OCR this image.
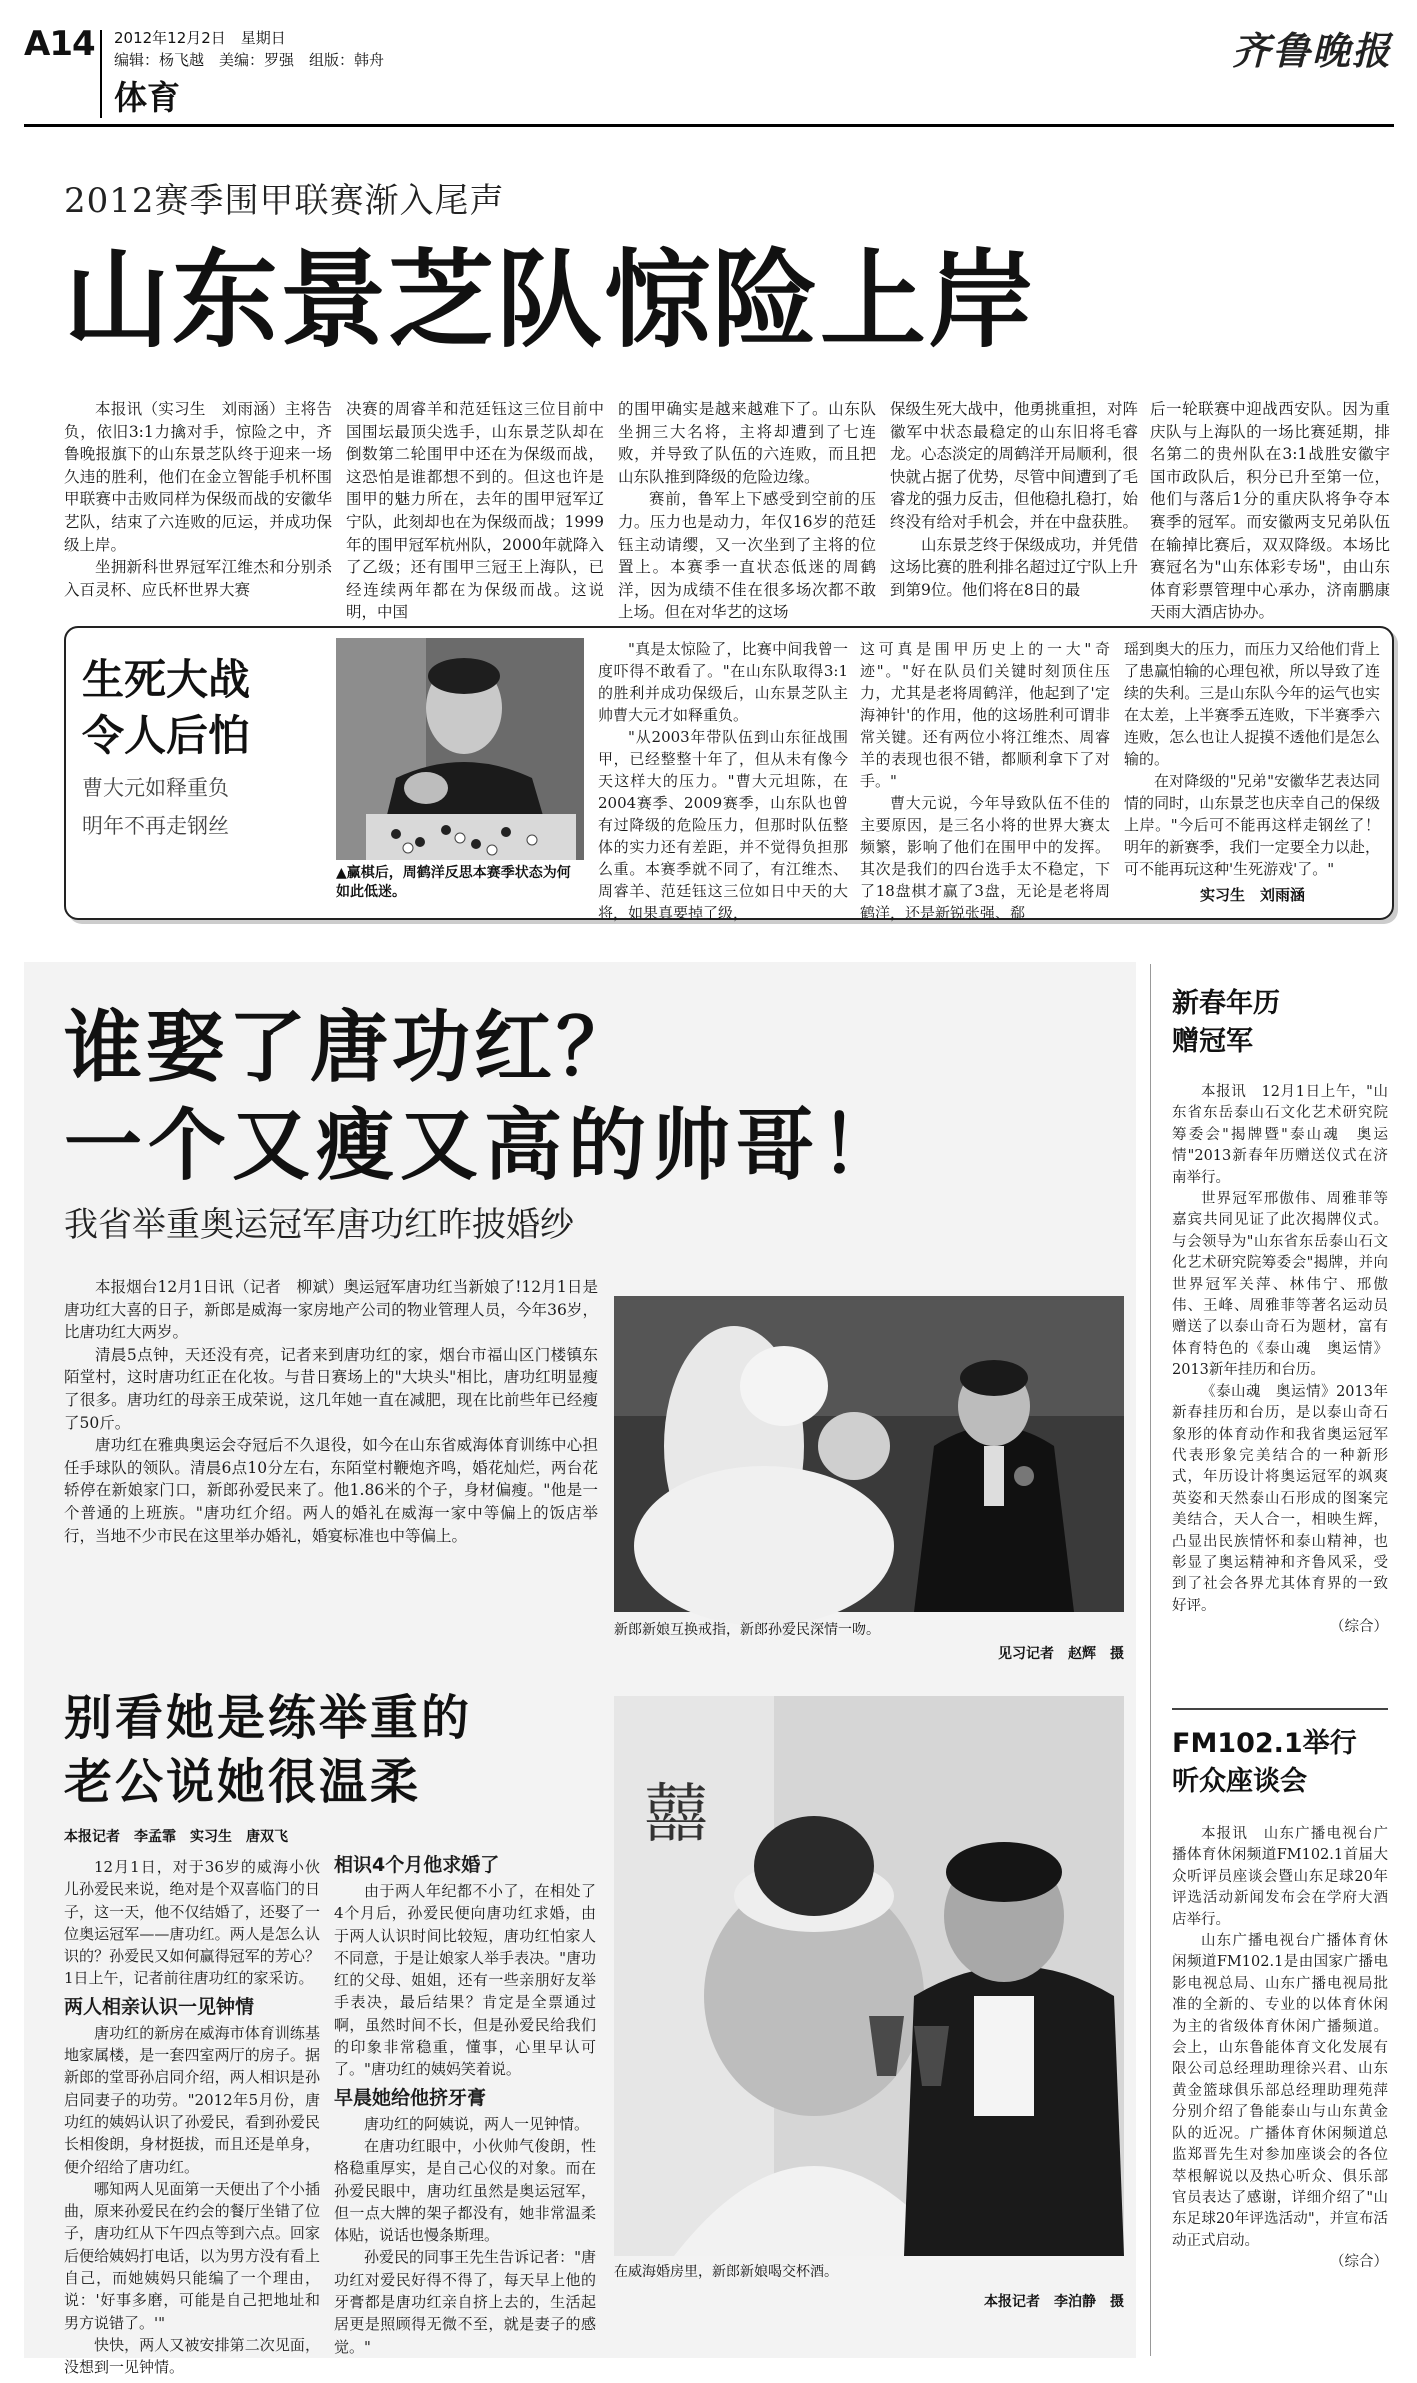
A14 2012年12月2日　星期日
编辑：杨飞越　美编：罗强　组版：韩舟
体育
齐鲁晚报
2012赛季围甲联赛渐入尾声
山东景芝队惊险上岸

本报讯（实习生　刘雨涵）主将告负，依旧3:1力擒对手，惊险之中，齐鲁晚报旗下的山东景芝队终于迎来一场久违的胜利，他们在金立智能手机杯围甲联赛中击败同样为保级而战的安徽华艺队，结束了六连败的厄运，并成功保级上岸。

坐拥新科世界冠军江维杰和分别杀入百灵杯、应氏杯世界大赛

决赛的周睿羊和范廷钰这三位目前中国围坛最顶尖选手，山东景芝队却在倒数第二轮围甲中还在为保级而战，这恐怕是谁都想不到的。但这也许是围甲的魅力所在，去年的围甲冠军辽宁队，此刻却也在为保级而战；1999年的围甲冠军杭州队，2000年就降入了乙级；还有围甲三冠王上海队，已经连续两年都在为保级而战。这说明，中国

的围甲确实是越来越难下了。山东队坐拥三大名将，主将却遭到了七连败，并导致了队伍的六连败，而且把山东队推到降级的危险边缘。

赛前，鲁军上下感受到空前的压力。压力也是动力，年仅16岁的范廷钰主动请缨，又一次坐到了主将的位置上。本赛季一直状态低迷的周鹤洋，因为成绩不佳在很多场次都不敢上场。但在对华艺的这场

保级生死大战中，他勇挑重担，对阵徽军中状态最稳定的山东旧将毛睿龙。心态淡定的周鹤洋开局顺利，很快就占据了优势，尽管中间遭到了毛睿龙的强力反击，但他稳扎稳打，始终没有给对手机会，并在中盘获胜。

山东景芝终于保级成功，并凭借这场比赛的胜利排名超过辽宁队上升到第9位。他们将在8日的最

后一轮联赛中迎战西安队。因为重庆队与上海队的一场比赛延期，排名第二的贵州队在3:1战胜安徽宇国市政队后，积分已升至第一位，他们与落后1分的重庆队将争夺本赛季的冠军。而安徽两支兄弟队伍在输掉比赛后，双双降级。本场比赛冠名为"山东体彩专场"，由山东体育彩票管理中心承办，济南鹏康天雨大酒店协办。

生死大战
令人后怕
曹大元如释重负
明年不再走钢丝
▲赢棋后，周鹤洋反思本赛季状态为何如此低迷。

"真是太惊险了，比赛中间我曾一度吓得不敢看了。"在山东队取得3:1的胜利并成功保级后，山东景芝队主帅曹大元才如释重负。

"从2003年带队伍到山东征战围甲，已经整整十年了，但从未有像今天这样大的压力。"曹大元坦陈，在2004赛季、2009赛季，山东队也曾有过降级的危险压力，但那时队伍整体的实力还有差距，并不觉得负担那么重。本赛季就不同了，有江维杰、周睿羊、范廷钰这三位如日中天的大将，如果真要掉了级，

这可真是围甲历史上的一大"奇迹"。"好在队员们关键时刻顶住压力，尤其是老将周鹤洋，他起到了'定海神针'的作用，他的这场胜利可谓非常关键。还有两位小将江维杰、周睿羊的表现也很不错，都顺利拿下了对手。"

曹大元说，今年导致队伍不佳的主要原因，是三名小将的世界大赛太频繁，影响了他们在围甲中的发挥。其次是我们的四台选手太不稳定，下了18盘棋才赢了3盘，无论是老将周鹤洋，还是新锐张强、郗

瑶到奥大的压力，而压力又给他们背上了患赢怕输的心理包袱，所以导致了连续的失利。三是山东队今年的运气也实在太差，上半赛季五连败，下半赛季六连败，怎么也让人捉摸不透他们是怎么输的。

在对降级的"兄弟"安徽华艺表达同情的同时，山东景芝也庆幸自己的保级上岸。"今后可不能再这样走钢丝了！明年的新赛季，我们一定要全力以赴，可不能再玩这种'生死游戏'了。"

实习生　刘雨涵
谁娶了唐功红？
一个又瘦又高的帅哥！
我省举重奥运冠军唐功红昨披婚纱

本报烟台12月1日讯（记者　柳斌）奥运冠军唐功红当新娘了!12月1日是唐功红大喜的日子，新郎是威海一家房地产公司的物业管理人员，今年36岁，比唐功红大两岁。

清晨5点钟，天还没有亮，记者来到唐功红的家，烟台市福山区门楼镇东陌堂村，这时唐功红正在化妆。与昔日赛场上的"大块头"相比，唐功红明显瘦了很多。唐功红的母亲王成荣说，这几年她一直在减肥，现在比前些年已经瘦了50斤。

唐功红在雅典奥运会夺冠后不久退役，如今在山东省威海体育训练中心担任手球队的领队。清晨6点10分左右，东陌堂村鞭炮齐鸣，婚花灿烂，两台花轿停在新娘家门口，新郎孙爱民来了。他1.86米的个子，身材偏瘦。"他是一个普通的上班族。"唐功红介绍。两人的婚礼在威海一家中等偏上的饭店举行，当地不少市民在这里举办婚礼，婚宴标准也中等偏上。

新郎新娘互换戒指，新郎孙爱民深情一吻。
见习记者　赵辉　摄
囍
在威海婚房里，新郎新娘喝交杯酒。
本报记者　李泊静　摄
别看她是练举重的
老公说她很温柔
本报记者　李孟霏　实习生　唐双飞

12月1日，对于36岁的威海小伙儿孙爱民来说，绝对是个双喜临门的日子，这一天，他不仅结婚了，还娶了一位奥运冠军——唐功红。两人是怎么认识的？孙爱民又如何赢得冠军的芳心？1日上午，记者前往唐功红的家采访。

两人相亲认识一见钟情

唐功红的新房在威海市体育训练基地家属楼，是一套四室两厅的房子。据新郎的堂哥孙启同介绍，两人相识是孙启同妻子的功劳。"2012年5月份，唐功红的姨妈认识了孙爱民，看到孙爱民长相俊朗，身材挺拔，而且还是单身，便介绍给了唐功红。

哪知两人见面第一天便出了个小插曲，原来孙爱民在约会的餐厅坐错了位子，唐功红从下午四点等到六点。回家后便给姨妈打电话，以为男方没有看上自己，而她姨妈只能编了一个理由，说：'好事多磨，可能是自己把地址和男方说错了。'"

快快，两人又被安排第二次见面，没想到一见钟情。

相识4个月他求婚了

由于两人年纪都不小了，在相处了4个月后，孙爱民便向唐功红求婚，由于两人认识时间比较短，唐功红怕家人不同意，于是让娘家人举手表决。"唐功红的父母、姐姐，还有一些亲朋好友举手表决，最后结果？肯定是全票通过啊，虽然时间不长，但是孙爱民给我们的印象非常稳重，懂事，心里早认可了。"唐功红的姨妈笑着说。

早晨她给他挤牙膏

唐功红的阿姨说，两人一见钟情。

在唐功红眼中，小伙帅气俊朗，性格稳重厚实，是自己心仪的对象。而在孙爱民眼中，唐功红虽然是奥运冠军，但一点大牌的架子都没有，她非常温柔体贴，说话也慢条斯理。

孙爱民的同事王先生告诉记者："唐功红对爱民好得不得了，每天早上他的牙膏都是唐功红亲自挤上去的，生活起居更是照顾得无微不至，就是妻子的感觉。"

新春年历
赠冠军

本报讯　12月1日上午，"山东省东岳泰山石文化艺术研究院筹委会"揭牌暨"泰山魂　奥运情"2013新春年历赠送仪式在济南举行。

世界冠军邢傲伟、周雅菲等嘉宾共同见证了此次揭牌仪式。与会领导为"山东省东岳泰山石文化艺术研究院筹委会"揭牌，并向世界冠军关萍、林伟宁、邢傲伟、王峰、周雅菲等著名运动员赠送了以泰山奇石为题材，富有体育特色的《泰山魂　奥运情》2013新年挂历和台历。

《泰山魂　奥运情》2013年新春挂历和台历，是以泰山奇石象形的体育动作和我省奥运冠军代表形象完美结合的一种新形式，年历设计将奥运冠军的飒爽英姿和天然泰山石形成的图案完美结合，天人合一，相映生辉，凸显出民族情怀和泰山精神，也彰显了奥运精神和齐鲁风采，受到了社会各界尤其体育界的一致好评。

（综合）

FM102.1举行
听众座谈会

本报讯　山东广播电视台广播体育休闲频道FM102.1首届大众听评员座谈会暨山东足球20年评选活动新闻发布会在学府大酒店举行。

山东广播电视台广播体育休闲频道FM102.1是由国家广播电影电视总局、山东广播电视局批准的全新的、专业的以体育休闲为主的省级体育休闲广播频道。会上，山东鲁能体育文化发展有限公司总经理助理徐兴君、山东黄金篮球俱乐部总经理助理苑萍分别介绍了鲁能泰山与山东黄金队的近况。广播体育休闲频道总监郑晋先生对参加座谈会的各位萃根解说以及热心听众、俱乐部官员表达了感谢，详细介绍了"山东足球20年评选活动"，并宣布活动正式启动。

（综合）
